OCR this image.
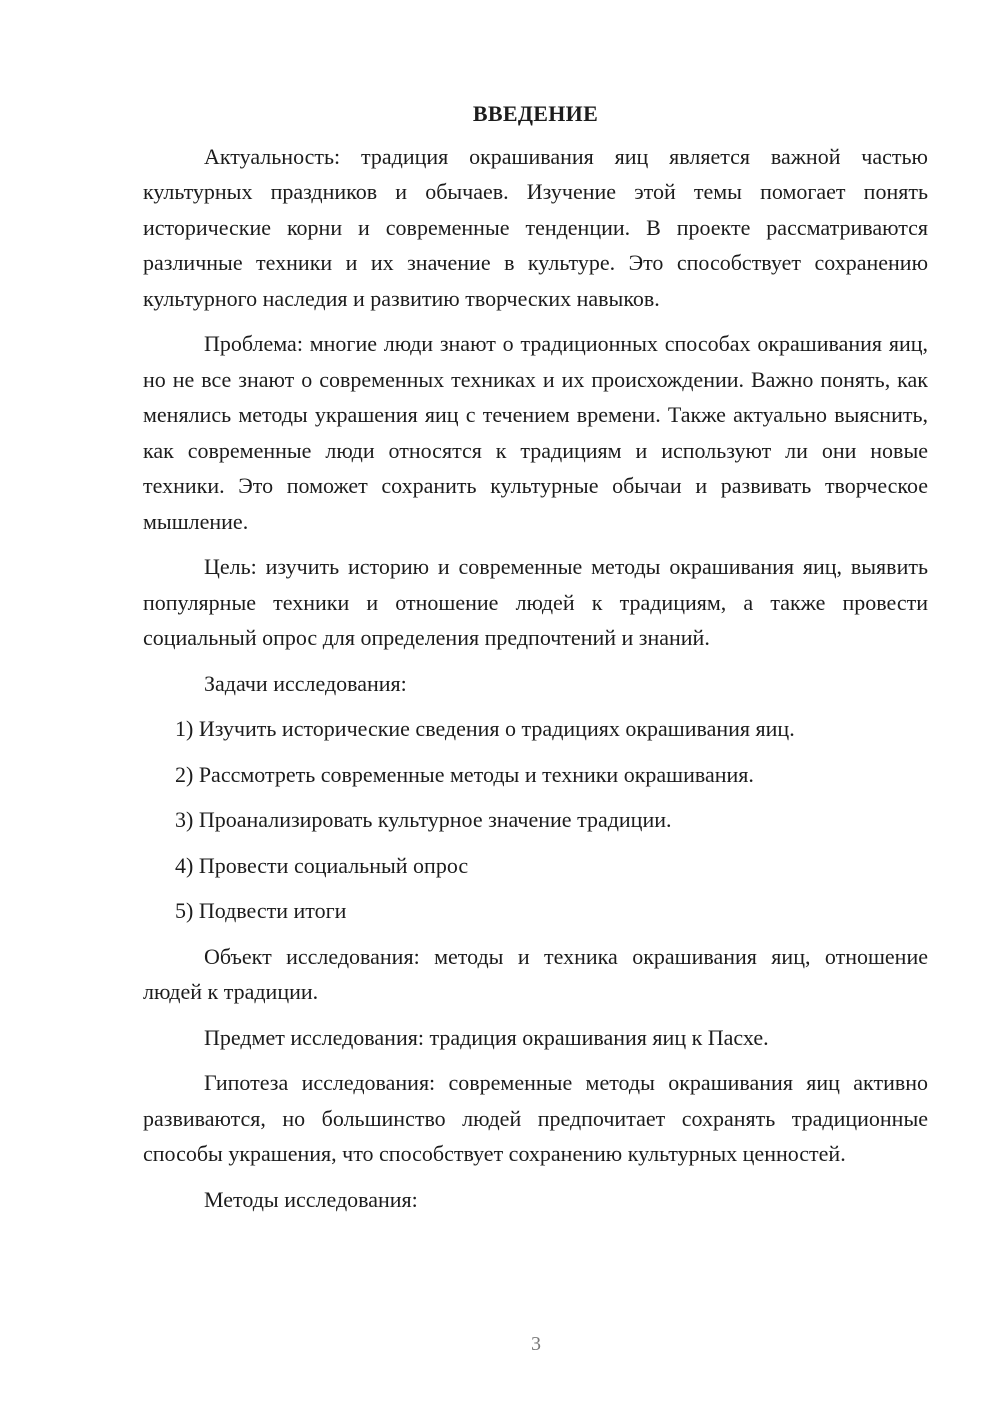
ВВЕДЕНИЕ

Актуальность: традиция окрашивания яиц является важной частью культурных праздников и обычаев. Изучение этой темы помогает понять исторические корни и современные тенденции. В проекте рассматриваются различные техники и их значение в культуре. Это способствует сохранению культурного наследия и развитию творческих навыков.

Проблема: многие люди знают о традиционных способах окрашивания яиц, но не все знают о современных техниках и их происхождении. Важно понять, как менялись методы украшения яиц с течением времени. Также актуально выяснить, как современные люди относятся к традициям и используют ли они новые техники. Это поможет сохранить культурные обычаи и развивать творческое мышление.

Цель: изучить историю и современные методы окрашивания яиц, выявить популярные техники и отношение людей к традициям, а также провести социальный опрос для определения предпочтений и знаний.

Задачи исследования:

1) Изучить исторические сведения о традициях окрашивания яиц.
2) Рассмотреть современные методы и техники окрашивания.
3) Проанализировать культурное значение традиции.
4) Провести социальный опрос
5) Подвести итоги

Объект исследования: методы и техника окрашивания яиц, отношение людей к традиции.

Предмет исследования: традиция окрашивания яиц к Пасхе.

Гипотеза исследования: современные методы окрашивания яиц активно развиваются, но большинство людей предпочитает сохранять традиционные способы украшения, что способствует сохранению культурных ценностей.

Методы исследования:

3
